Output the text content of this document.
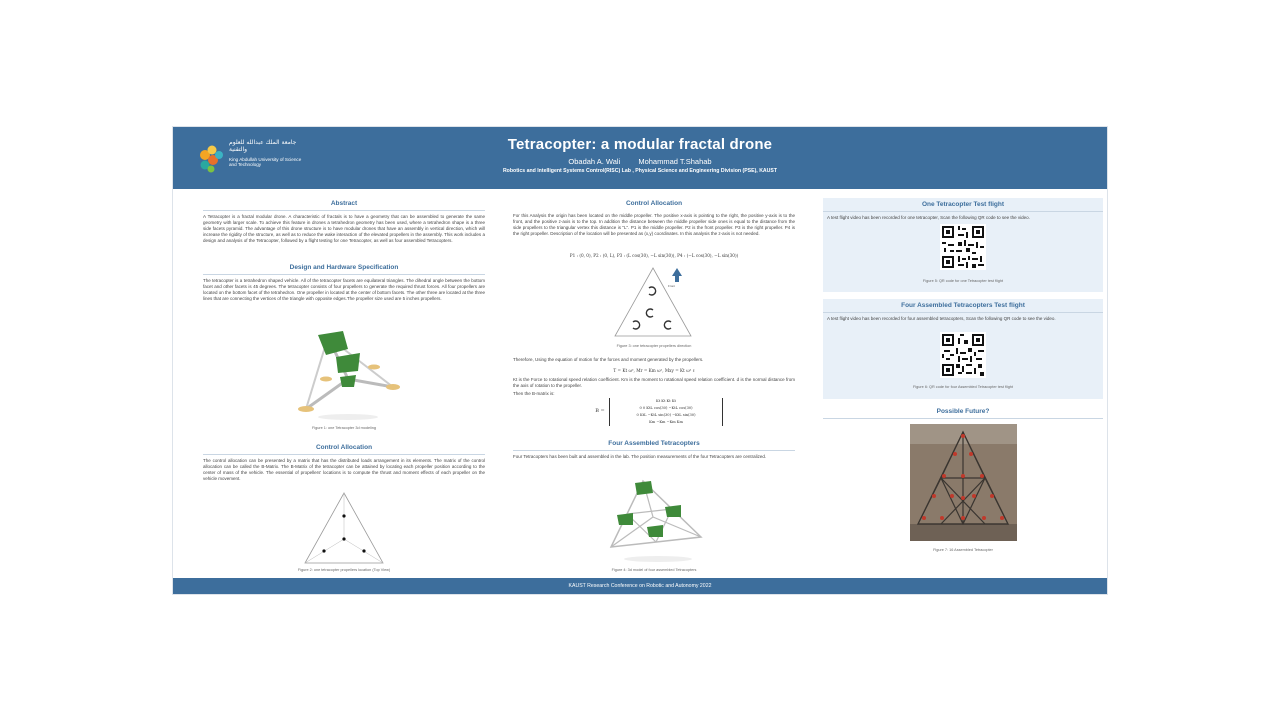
جامعة الملك عبدالله للعلوم والتقنية
King Abdullah University of Science and Technology
Tetracopter: a modular fractal drone
Obadah A. Wali Mohammad T.Shahab
Robotics and Intelligent Systems Control(RISC) Lab , Physical Science and Engineering Division (PSE), KAUST
Abstract

A Tetracopter is a fractal modular drone. A characteristic of fractals is to have a geometry that can be assembled to generate the same geometry with larger scale. To achieve this feature in drones a tetrahedron geometry has been used, where a tetrahedron shape is a three side facets pyramid. The advantage of this drone structure is to have modular drones that have an assembly in vertical direction, which will increase the rigidity of the structure, as well as to reduce the wake interaction of the elevated propellers in the assembly. This work includes a design and analysis of the Tetracopter, followed by a flight testing for one Tetracopter, as well as four assembled Tetracopters.

Design and Hardware Specification

The tetracopter is a tetrahedron shaped vehicle. All of the tetracopter facets are equilateral triangles. The dihedral angle between the bottom facet and other facets is 45 degrees. The tetracopter consists of four propellers to generate the required thrust forces. All four propellers are located on the bottom facet of the tetrahedron. One propeller in located at the center of bottom facets. The other three are located at the three lines that are connecting the vertices of the triangle with opposite edges.The propeller size used are 5 inches propellers.

Figure 1: one Tetracopter 3d modeling
Control Allocation

The control allocation can be presented by a matrix that has the distributed loads arrangement in its elements. The matrix of the control allocation can be called the B-Matrix. The B-Matrix of the tetracopter can be attained by locating each propeller position according to the center of mass of the vehicle. The essential of propellers' locations is to compute the thrust and moment effects of each propeller on the vehicle movement.

Figure 2: one tetracopter propellers location (Top View)
Control Allocation

For this Analysis the origin has been located on the middle propeller. The positive x-axis is pointing to the right, the positive y-axis is to the front, and the positive z-axis is to the top. In addition the distance between the middle propeller side ones is equal to the distance from the side propellers to the triangular vertex this distance is "L". P1 is the middle propeller. P2 is the front propeller. P3 is the right propeller. P4 is the right propeller. Description of the location will be presented as (x,y) coordinates. In this analysis the z-axis is not needed.

P1 : (0, 0), P2 : (0, L), P3 : (L cos(30), −L sin(30)), P4 : (−L cos(30), −L sin(30))
Front
Figure 3: one tetracopter propellers direction

Therefore, Using the equation of motion for the forces and moment generated by the propellers.

T = Kt ω², Mr = Km ω², Mxy = Kt ω² ℓ

Kt is the Force to rotational speed relation coefficient. Km is the moment to rotational speed relation coefficient. d is the normal distance from the axis of rotation to the propeller.

Then the B-matrix is:

B =
Kt Kt Kt Kt
0 0 KtL cos(30) −KtL cos(30)
0 KtL −KtL sin(30) −KtL sin(30)
Km −Km −Km Km
Four Assembled Tetracopters

Four Tetracopters has been built and assembled in the lab. The position measurements of the four Tetracopters are centralized.

Figure 4: 3d model of four assembled Tetracopters
One Tetracopter Test flight

A test flight video has been recorded for one tetracopter, Scan the following QR code to see the video.

Figure 5: QR code for one Tetracopter test flight
Four Assembled Tetracopters Test flight

A test flight video has been recorded for four assembled tetracopters, Scan the following QR code to see the video.

Figure 6: QR code for four Assembled Tetracopter test flight
Possible Future?
Figure 7: 16 Assembled Tetracopter
KAUST Research Conference on Robotic and Autonomy 2022
